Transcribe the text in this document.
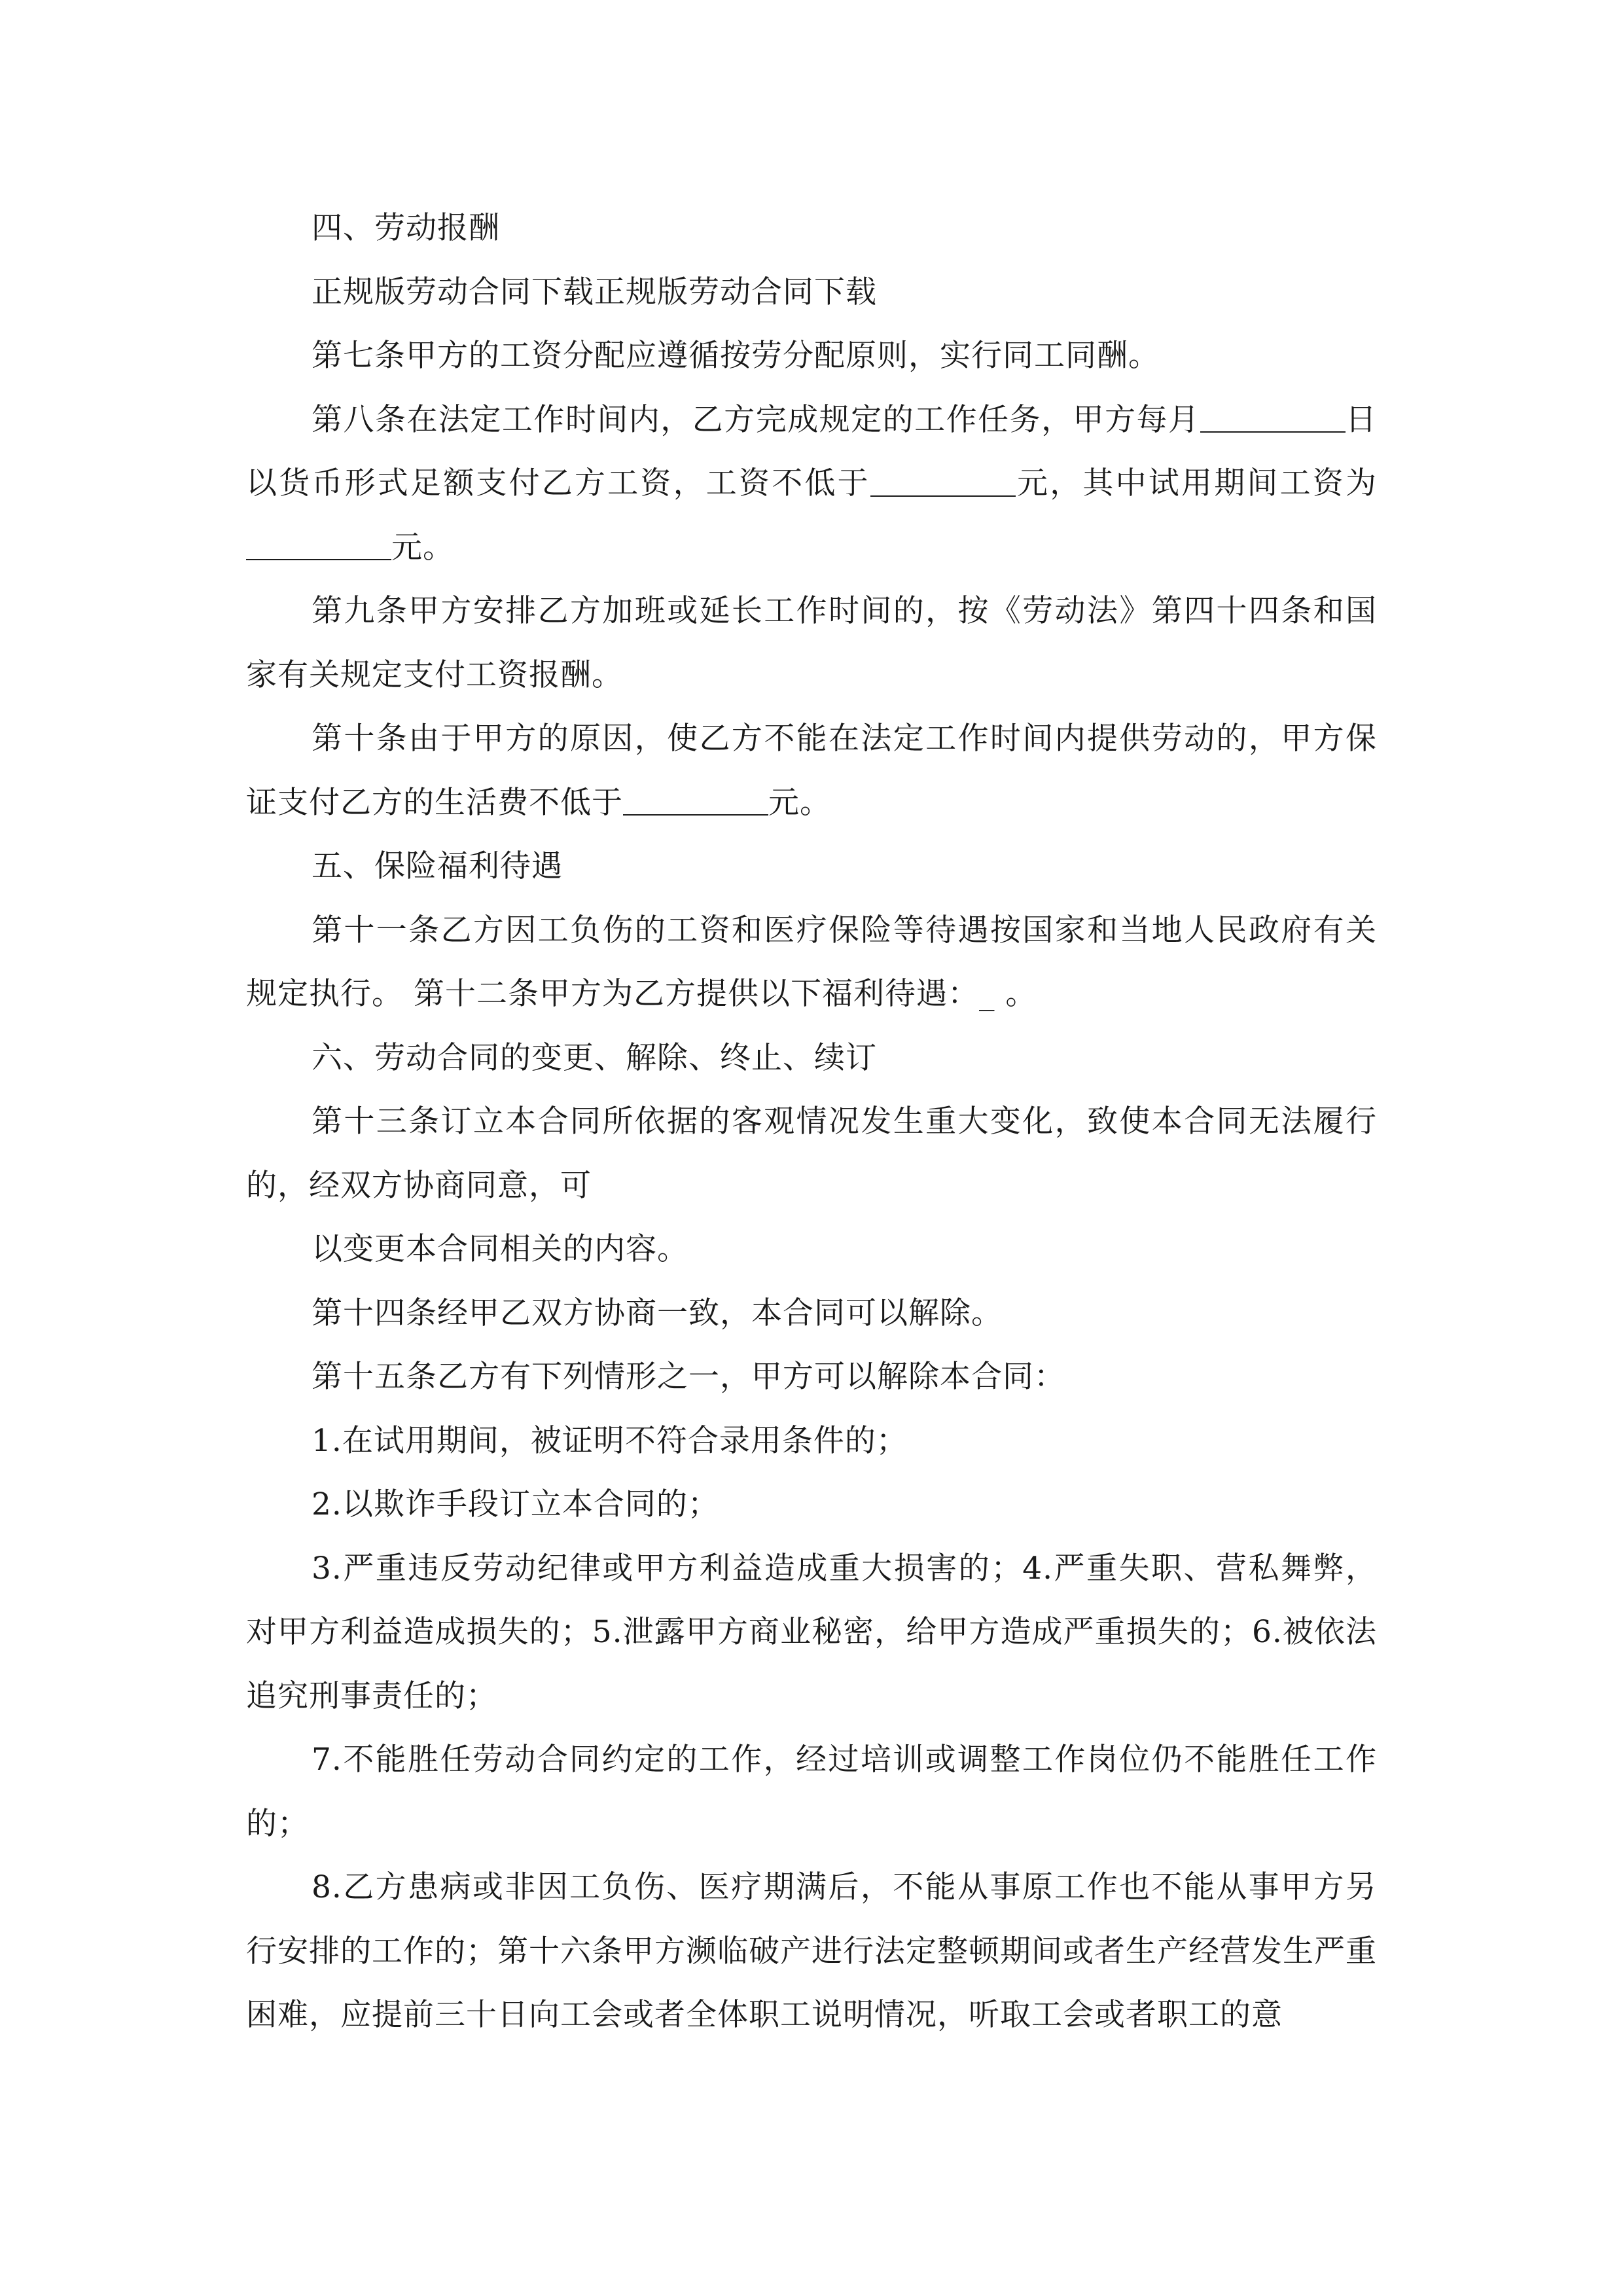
四、劳动报酬

正规版劳动合同下载正规版劳动合同下载

第七条甲方的工资分配应遵循按劳分配原则，实行同工同酬。

第八条在法定工作时间内，乙方完成规定的工作任务，甲方每月	日以货币形式足额支付乙方工资，工资不低于	元，其中试用期间工资为元。

第九条甲方安排乙方加班或延长工作时间的，按《劳动法》第四十四条和国家有关规定支付工资报酬。

第十条由于甲方的原因，使乙方不能在法定工作时间内提供劳动的，甲方保证支付乙方的生活费不低于	元。

五、保险福利待遇

第十一条乙方因工负伤的工资和医疗保险等待遇按国家和当地人民政府有关规定执行。 第十二条甲方为乙方提供以下福利待遇：_ 。

六、劳动合同的变更、解除、终止、续订

第十三条订立本合同所依据的客观情况发生重大变化，致使本合同无法履行的，经双方协商同意，可

以变更本合同相关的内容。

第十四条经甲乙双方协商一致，本合同可以解除。

第十五条乙方有下列情形之一，甲方可以解除本合同：

1.在试用期间，被证明不符合录用条件的；

2.以欺诈手段订立本合同的；

3.严重违反劳动纪律或甲方利益造成重大损害的；4.严重失职、营私舞弊，对甲方利益造成损失的；5.泄露甲方商业秘密，给甲方造成严重损失的；6.被依法追究刑事责任的；

7.不能胜任劳动合同约定的工作，经过培训或调整工作岗位仍不能胜任工作的；

8.乙方患病或非因工负伤、医疗期满后，不能从事原工作也不能从事甲方另行安排的工作的；第十六条甲方濒临破产进行法定整顿期间或者生产经营发生严重困难，应提前三十日向工会或者全体职工说明情况，听取工会或者职工的意
